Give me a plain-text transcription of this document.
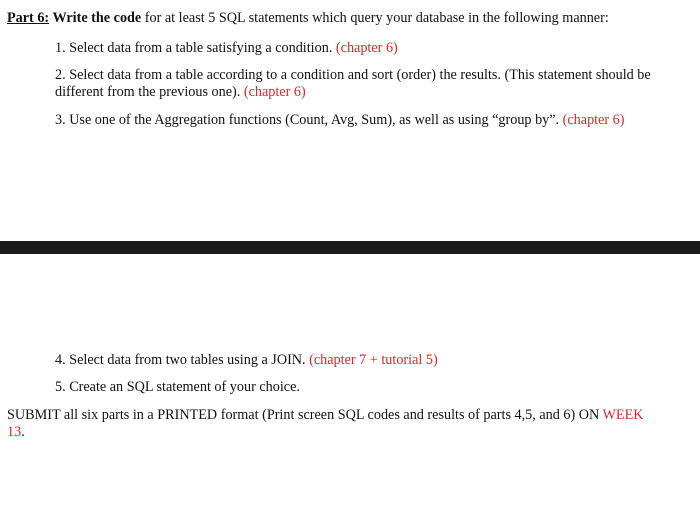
Part 6: Write the code for at least 5 SQL statements which query your database in the following manner:
1. Select data from a table satisfying a condition. (chapter 6)
2. Select data from a table according to a condition and sort (order) the results. (This statement should be
different from the previous one). (chapter 6)
3. Use one of the Aggregation functions (Count, Avg, Sum), as well as using “group by”. (chapter 6)
4. Select data from two tables using a JOIN. (chapter 7 + tutorial 5)
5. Create an SQL statement of your choice.
SUBMIT all six parts in a PRINTED format (Print screen SQL codes and results of parts 4,5, and 6) ON WEEK
13.
